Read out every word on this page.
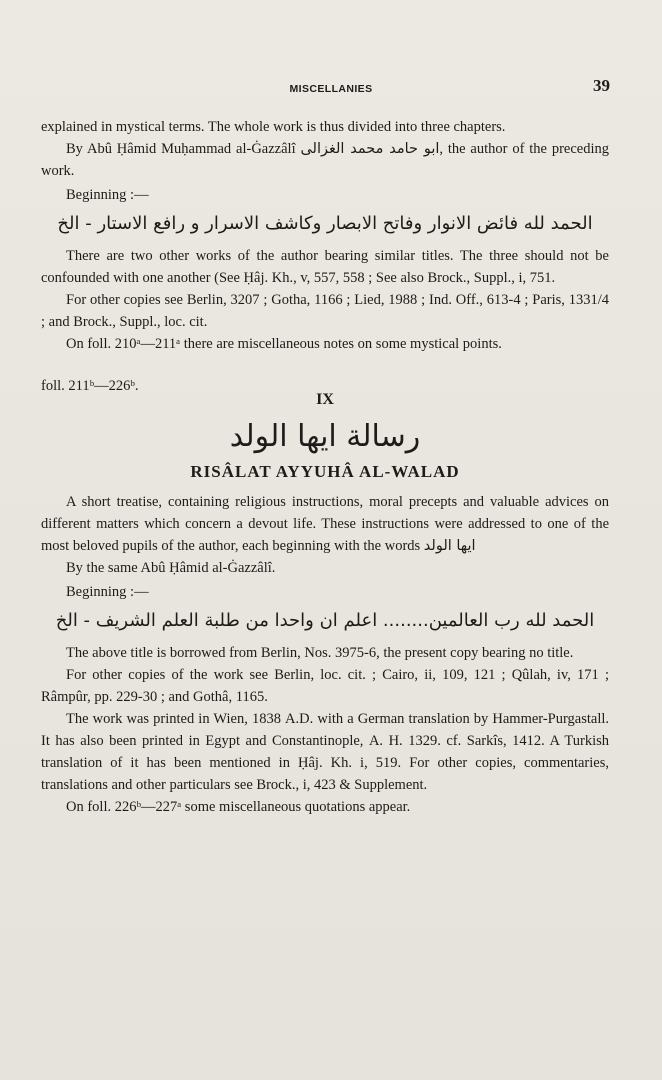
MISCELLANIES	39

explained in mystical terms. The whole work is thus divided into three chapters.

By Abû Ḥâmid Muḥammad al-Ġazzâlî ابو حامد محمد الغزالی, the author of the preceding work.

Beginning :—
الحمد لله فائض الانوار وفاتح الابصار وكاشف الاسرار و رافع الاستار - الخ

There are two other works of the author bearing similar titles. The three should not be confounded with one another (See Ḥâj. Kh., v, 557, 558 ; See also Brock., Suppl., i, 751.

For other copies see Berlin, 3207 ; Gotha, 1166 ; Lied, 1988 ; Ind. Off., 613-4 ; Paris, 1331/4 ; and Brock., Suppl., loc. cit.

On foll. 210ᵃ—211ᵃ there are miscellaneous notes on some mystical points.

foll. 211ᵇ—226ᵇ.

IX
رسالة ايها الولد
RISÂLAT AYYUHÂ AL-WALAD

A short treatise, containing religious instructions, moral precepts and valuable advices on different matters which concern a devout life. These instructions were addressed to one of the most beloved pupils of the author, each beginning with the words ايها الولد

By the same Abû Ḥâmid al-Ġazzâlî.

Beginning :—
الحمد لله رب العالمين........ اعلم ان واحدا من طلبة العلم الشريف - الخ

The above title is borrowed from Berlin, Nos. 3975-6, the present copy bearing no title.

For other copies of the work see Berlin, loc. cit. ; Cairo, ii, 109, 121 ; Qûlah, iv, 171 ; Râmpûr, pp. 229-30 ; and Gothâ, 1165.

The work was printed in Wien, 1838 A.D. with a German translation by Hammer-Purgastall. It has also been printed in Egypt and Constantinople, A. H. 1329. cf. Sarkîs, 1412. A Turkish translation of it has been mentioned in Ḥâj. Kh. i, 519. For other copies, commentaries, translations and other particulars see Brock., i, 423 & Supplement.

On foll. 226ᵇ—227ᵃ some miscellaneous quotations appear.
